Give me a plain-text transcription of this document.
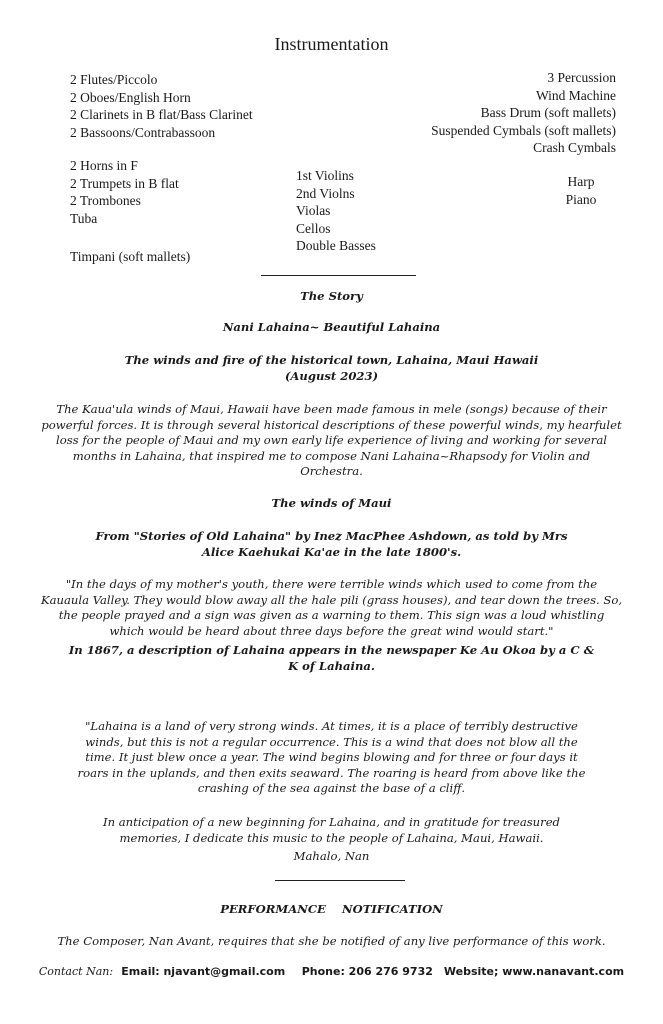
Instrumentation
2 Flutes/Piccolo
2 Oboes/English Horn
2 Clarinets in B flat/Bass Clarinet
2 Bassoons/Contrabassoon
2 Horns in F
2 Trumpets in B flat
2 Trombones
Tuba
Timpani (soft mallets)
1st Violins
2nd Violns
Violas
Cellos
Double Basses
3 Percussion
Wind Machine
Bass Drum (soft mallets)
Suspended Cymbals (soft mallets)
Crash Cymbals
Harp
Piano
The Story
Nani Lahaina~ Beautiful Lahaina
The winds and fire of the historical town, Lahaina, Maui Hawaii
(August 2023)
The Kaua'ula winds of Maui, Hawaii have been made famous in mele (songs) because of their powerful forces. It is through several historical descriptions of these powerful winds, my hearfulet loss for the people of Maui and my own early life experience of living and working for several months in Lahaina, that inspired me to compose Nani Lahaina~Rhapsody for Violin and Orchestra.
The winds of Maui
From "Stories of Old Lahaina" by Inez MacPhee Ashdown, as told by Mrs Alice Kaehukai Ka'ae in the late 1800's.
"In the days of my mother's youth, there were terrible winds which used to come from the Kauaula Valley. They would blow away all the hale pili (grass houses), and tear down the trees. So, the people prayed and a sign was given as a warning to them. This sign was a loud whistling which would be heard about three days before the great wind would start."
In 1867, a description of Lahaina appears in the newspaper Ke Au Okoa by a C & K of Lahaina.
"Lahaina is a land of very strong winds. At times, it is a place of terribly destructive winds, but this is not a regular occurrence. This is a wind that does not blow all the time. It just blew once a year. The wind begins blowing and for three or four days it roars in the uplands, and then exits seaward. The roaring is heard from above like the crashing of the sea against the base of a cliff.
In anticipation of a new beginning for Lahaina, and in gratitude for treasured memories, I dedicate this music to the people of Lahaina, Maui, Hawaii.
Mahalo, Nan
PERFORMANCE    NOTIFICATION
The Composer, Nan Avant, requires that she be notified of any live performance of this work.
Contact Nan: Email: njavant@gmail.com Phone: 206 276 9732 Website; www.nanavant.com
